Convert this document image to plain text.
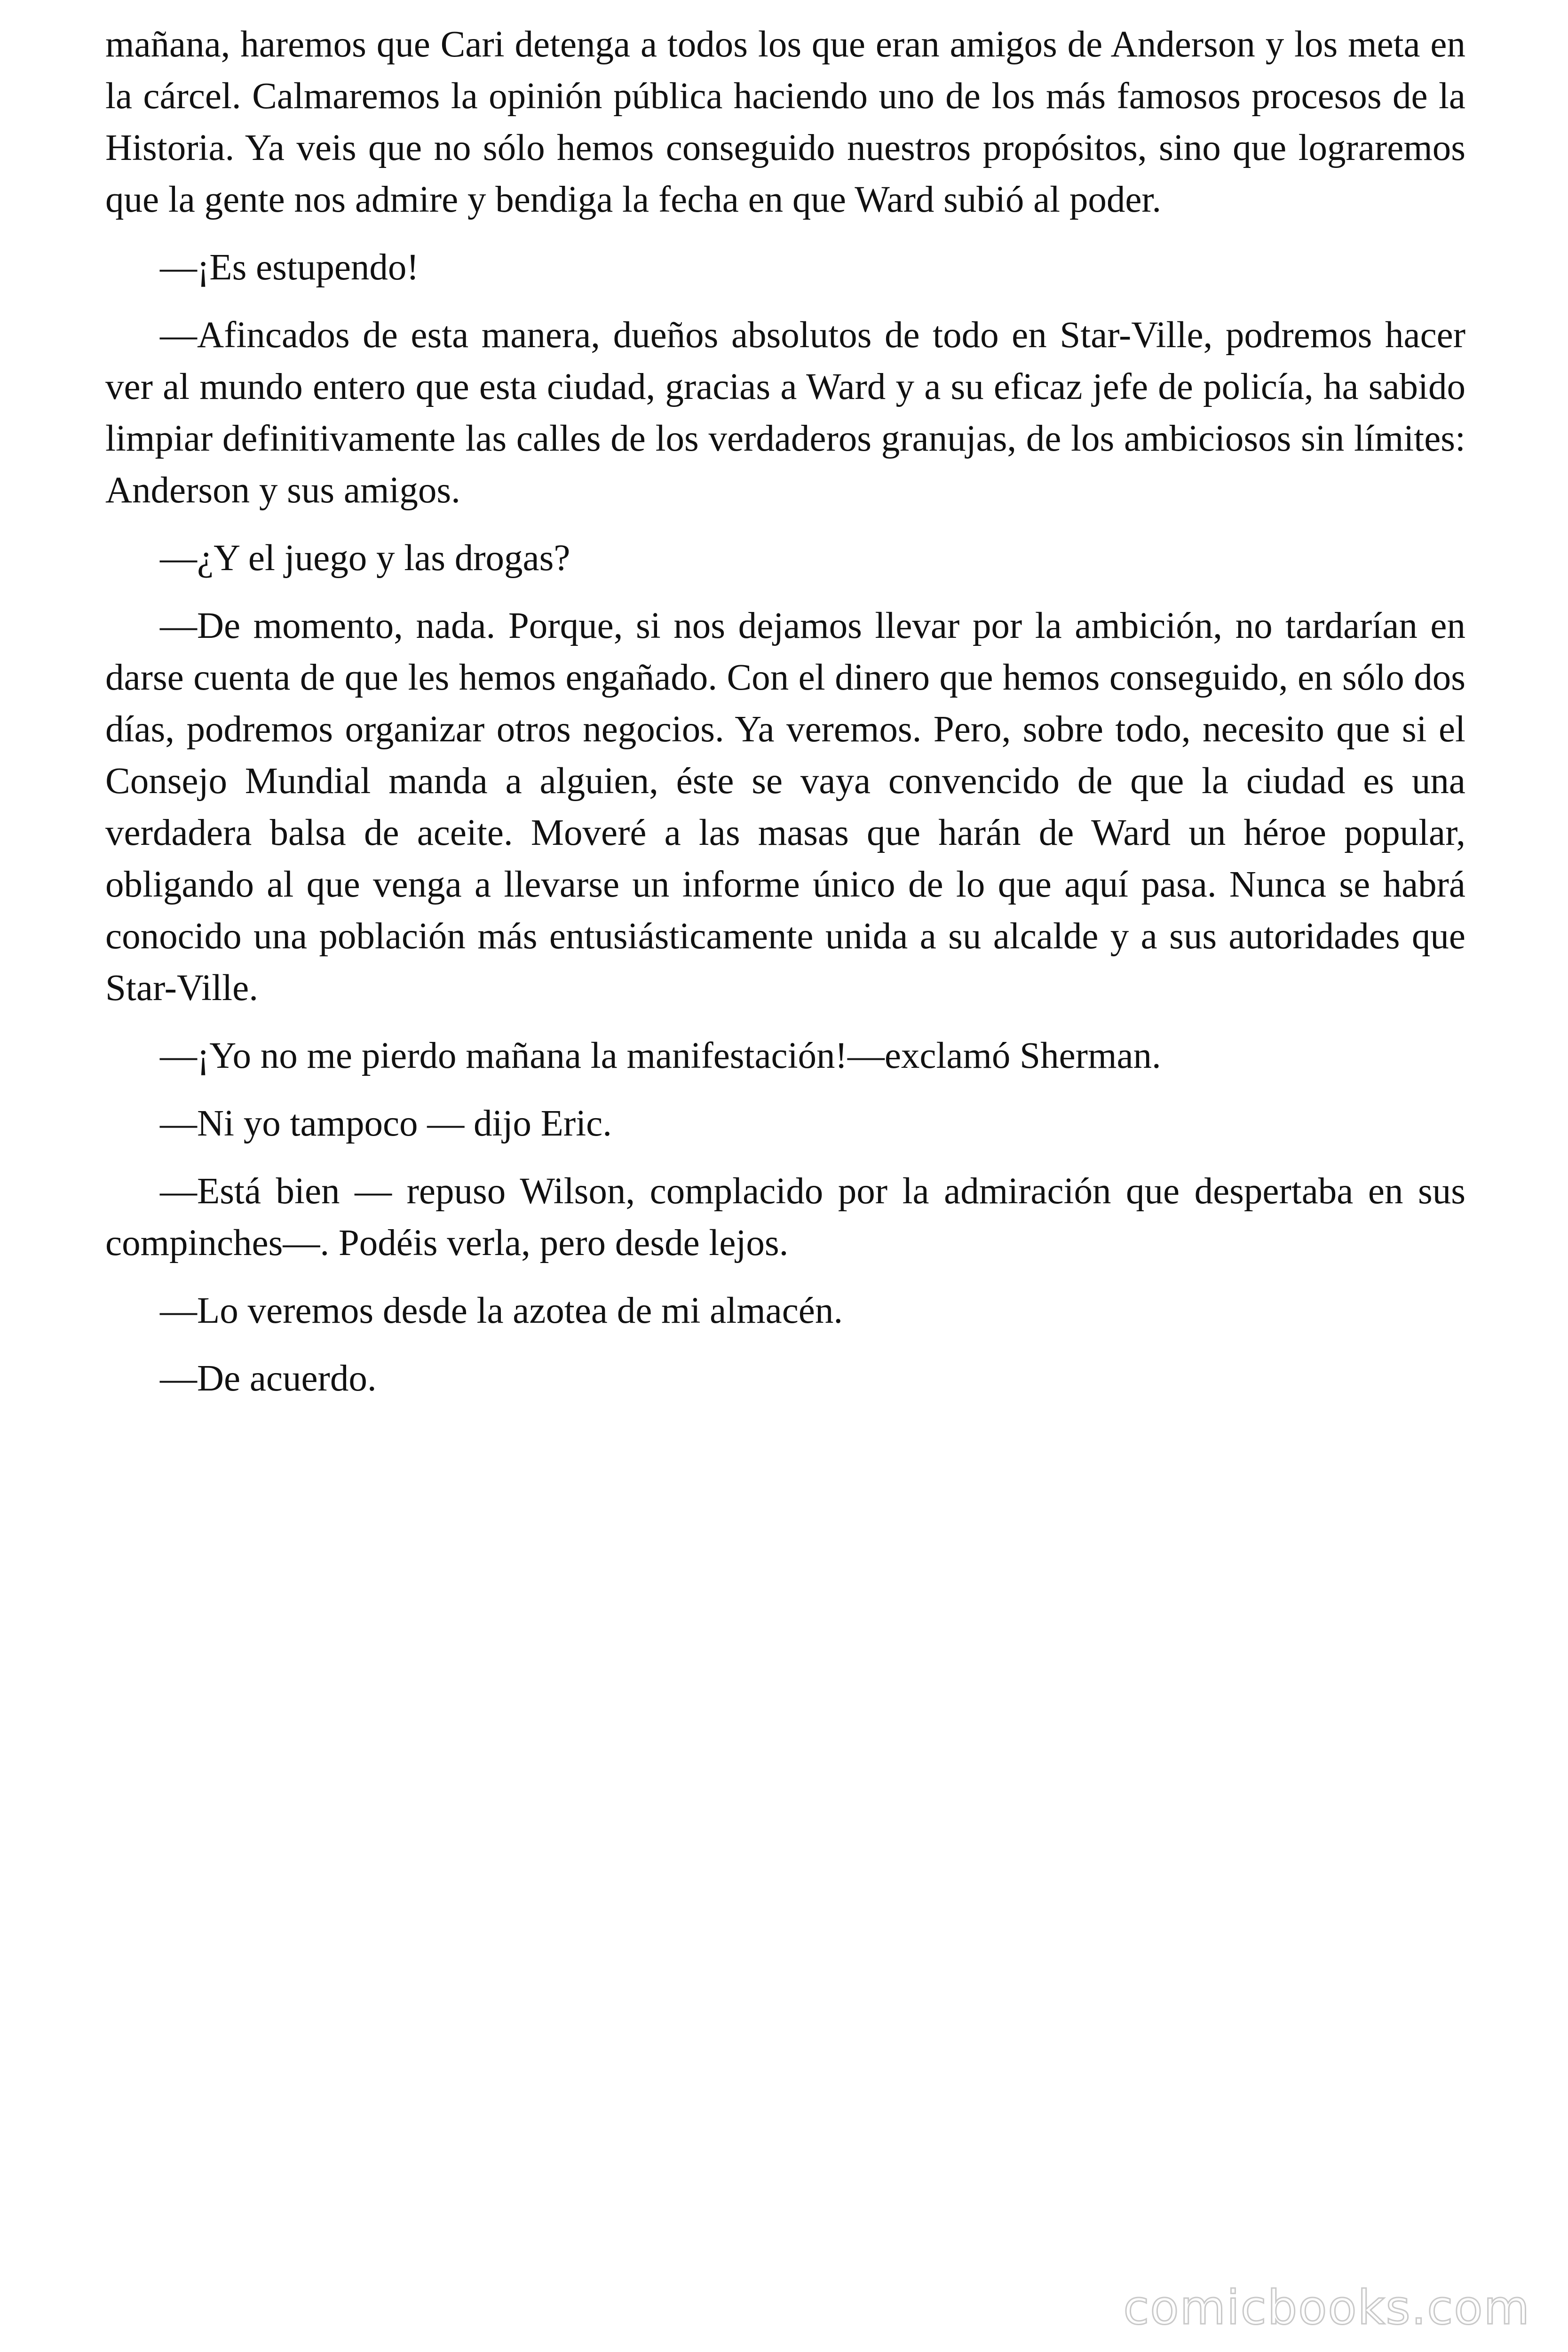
mañana, haremos que Cari detenga a todos los que eran amigos de Anderson y los meta en la cárcel. Calmaremos la opinión pública haciendo uno de los más famosos procesos de la Historia. Ya veis que no sólo hemos conseguido nuestros propósitos, sino que lograremos que la gente nos admire y bendiga la fecha en que Ward subió al poder.

—¡Es estupendo!

—Afincados de esta manera, dueños absolutos de todo en Star-Ville, podremos hacer ver al mundo entero que esta ciudad, gracias a Ward y a su eficaz jefe de policía, ha sabido limpiar definitivamente las calles de los verdaderos granujas, de los ambiciosos sin límites: Anderson y sus amigos.

—¿Y el juego y las drogas?

—De momento, nada. Porque, si nos dejamos llevar por la ambición, no tardarían en darse cuenta de que les hemos engañado. Con el dinero que hemos conseguido, en sólo dos días, podremos organizar otros negocios. Ya veremos. Pero, sobre todo, necesito que si el Consejo Mundial manda a alguien, éste se vaya convencido de que la ciudad es una verdadera balsa de aceite. Moveré a las masas que harán de Ward un héroe popular, obligando al que venga a llevarse un informe único de lo que aquí pasa. Nunca se habrá conocido una población más entusiásticamente unida a su alcalde y a sus autoridades que Star-Ville.

—¡Yo no me pierdo mañana la manifestación!—exclamó Sherman.

—Ni yo tampoco — dijo Eric.

—Está bien — repuso Wilson, complacido por la admiración que despertaba en sus compinches—. Podéis verla, pero desde lejos.

—Lo veremos desde la azotea de mi almacén.

—De acuerdo.

comicbooks.com
